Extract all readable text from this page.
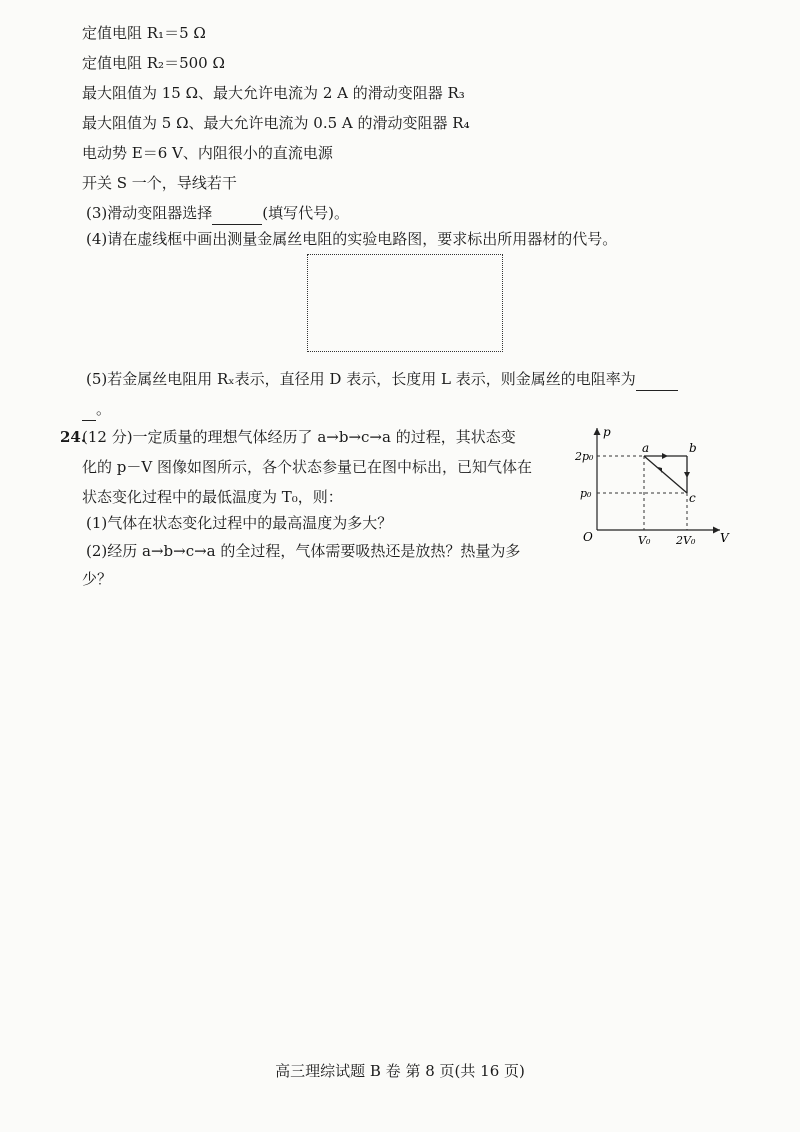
定值电阻 R₁＝5 Ω
定值电阻 R₂＝500 Ω
最大阻值为 15 Ω、最大允许电流为 2 A 的滑动变阻器 R₃
最大阻值为 5 Ω、最大允许电流为 0.5 A 的滑动变阻器 R₄
电动势 E＝6 V、内阻很小的直流电源
开关 S 一个，导线若干
(3)滑动变阻器选择	(填写代号)。
(4)请在虚线框中画出测量金属丝电阻的实验电路图，要求标出所用器材的代号。
(5)若金属丝电阻用 Rₓ表示，直径用 D 表示，长度用 L 表示，则金属丝的电阻率为
。
24.
(12 分)一定质量的理想气体经历了 a→b→c→a 的过程，其状态变
化的 p－V 图像如图所示，各个状态参量已在图中标出，已知气体在
状态变化过程中的最低温度为 T₀，则：
(1)气体在状态变化过程中的最高温度为多大？
(2)经历 a→b→c→a 的全过程，气体需要吸热还是放热？热量为多
少？
p
V
O
2p₀
p₀
V₀ 2V₀
a	b
c
高三理综试题 B 卷 第 8 页(共 16 页)
